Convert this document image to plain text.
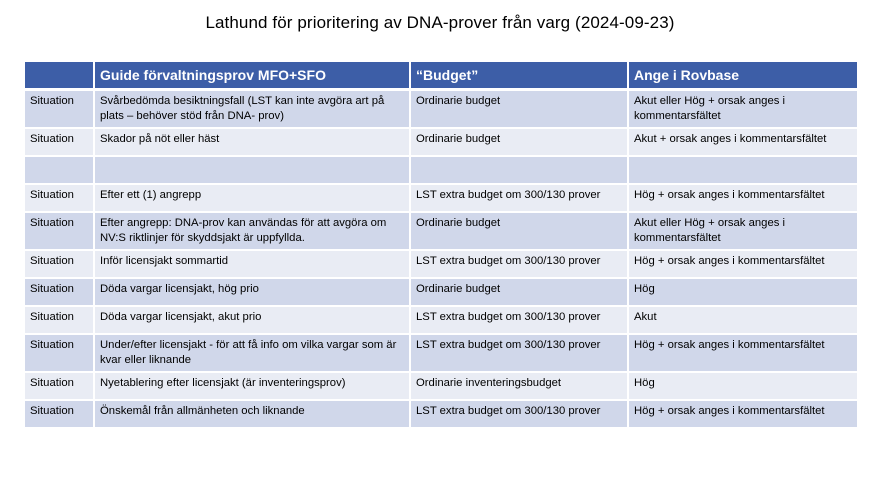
Lathund för prioritering av DNA-prover från varg (2024-09-23)
	Guide förvaltningsprov MFO+SFO	“Budget”	Ange i Rovbase
Situation	Svårbedömda besiktningsfall (LST kan inte avgöra art på plats – behöver stöd från DNA- prov)	Ordinarie budget	Akut eller Hög + orsak anges i kommentarsfältet
Situation	Skador på nöt eller häst	Ordinarie budget	Akut + orsak anges i kommentarsfältet

Situation	Efter ett (1) angrepp	LST extra budget om 300/130 prover	Hög + orsak anges i kommentarsfältet
Situation	Efter angrepp: DNA-prov kan användas för att avgöra om NV:S riktlinjer för skyddsjakt är uppfyllda.	Ordinarie budget	Akut eller Hög + orsak anges i kommentarsfältet
Situation	Inför licensjakt sommartid	LST extra budget om 300/130 prover	Hög + orsak anges i kommentarsfältet
Situation	Döda vargar licensjakt, hög prio	Ordinarie budget	Hög
Situation	Döda vargar licensjakt, akut prio	LST extra budget om 300/130 prover	Akut
Situation	Under/efter licensjakt - för att få info om vilka vargar som är kvar eller liknande	LST extra budget om 300/130 prover	Hög + orsak anges i kommentarsfältet
Situation	Nyetablering efter licensjakt (är inventeringsprov)	Ordinarie inventeringsbudget	Hög
Situation	Önskemål från allmänheten och liknande	LST extra budget om 300/130 prover	Hög + orsak anges i kommentarsfältet
